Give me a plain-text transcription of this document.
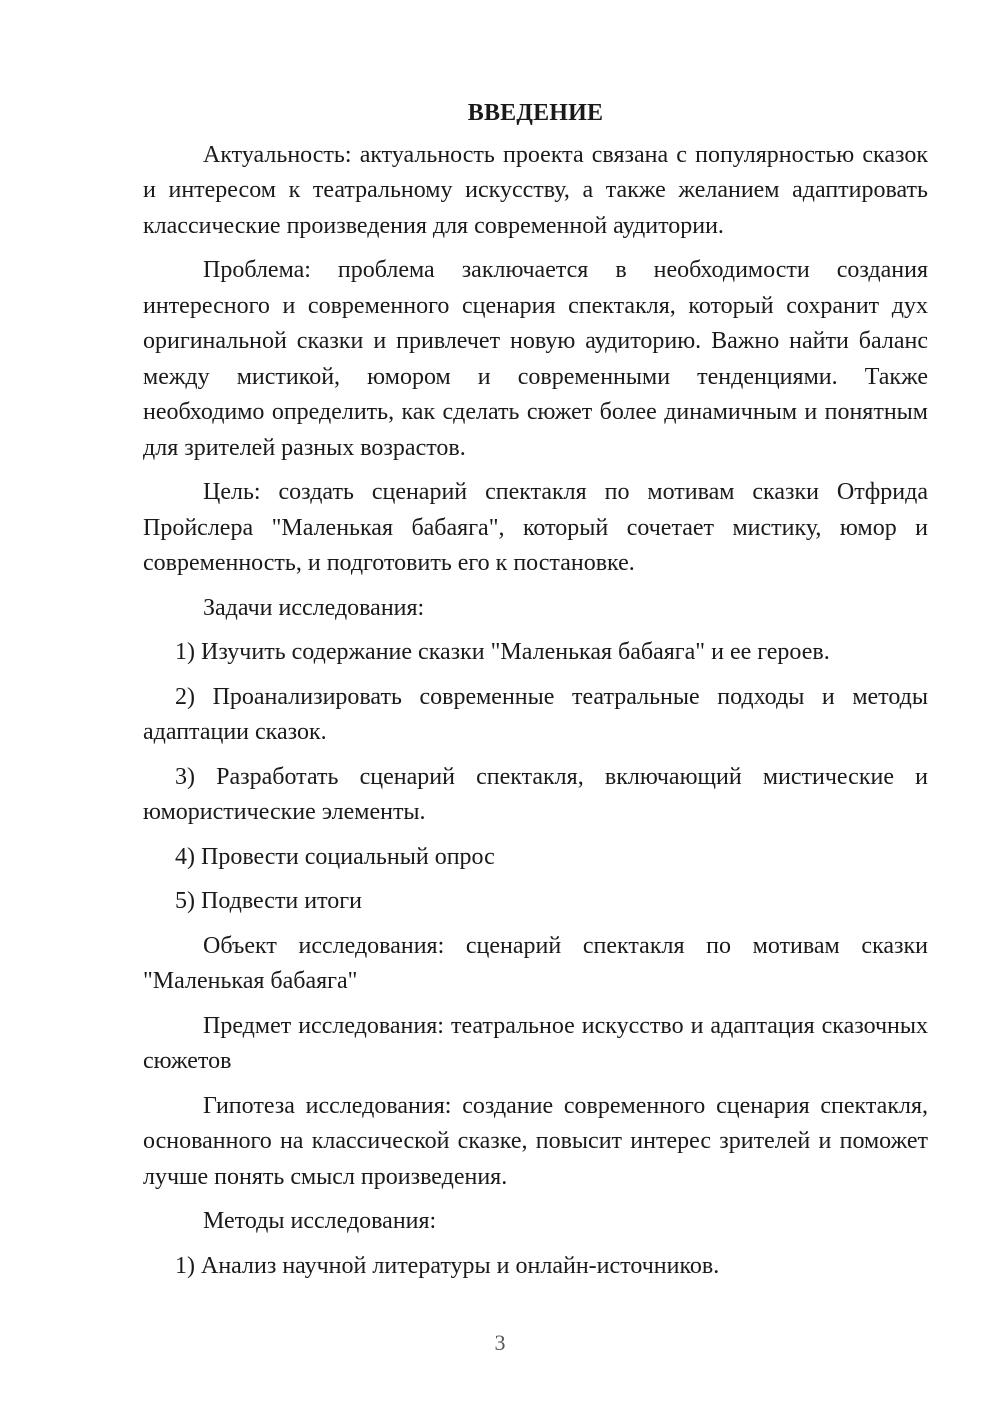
ВВЕДЕНИЕ

Актуальность: актуальность проекта связана с популярностью сказок и интересом к театральному искусству, а также желанием адаптировать классические произведения для современной аудитории.

Проблема: проблема заключается в необходимости создания интересного и современного сценария спектакля, который сохранит дух оригинальной сказки и привлечет новую аудиторию. Важно найти баланс между мистикой, юмором и современными тенденциями. Также необходимо определить, как сделать сюжет более динамичным и понятным для зрителей разных возрастов.

Цель: создать сценарий спектакля по мотивам сказки Отфрида Пройслера "Маленькая бабаяга", который сочетает мистику, юмор и современность, и подготовить его к постановке.

Задачи исследования:

1) Изучить содержание сказки "Маленькая бабаяга" и ее героев.

2) Проанализировать современные театральные подходы и методы адаптации сказок.

3) Разработать сценарий спектакля, включающий мистические и юмористические элементы.

4) Провести социальный опрос

5) Подвести итоги

Объект исследования: сценарий спектакля по мотивам сказки "Маленькая бабаяга"

Предмет исследования: театральное искусство и адаптация сказочных сюжетов

Гипотеза исследования: создание современного сценария спектакля, основанного на классической сказке, повысит интерес зрителей и поможет лучше понять смысл произведения.

Методы исследования:

1) Анализ научной литературы и онлайн-источников.

3
